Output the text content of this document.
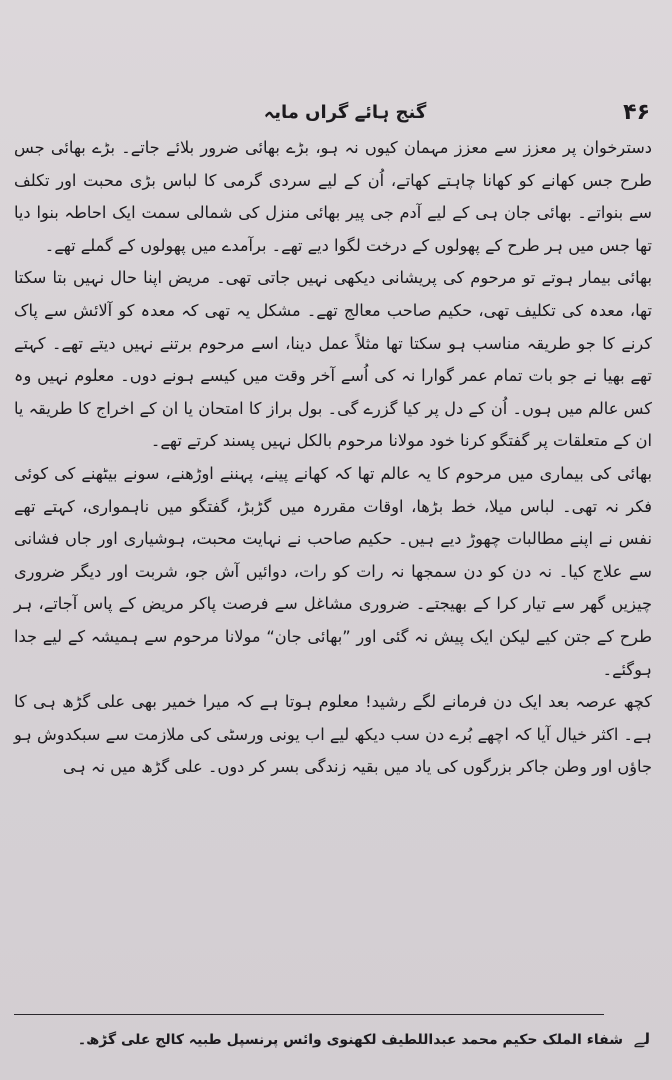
۴۶
گنج ہائے گراں مایہ

دسترخوان پر معزز سے معزز مہمان کیوں نہ ہو، بڑے بھائی ضرور بلائے جاتے۔ بڑے بھائی جس طرح جس کھانے کو کھانا چاہتے کھاتے، اُن کے لیے سردی گرمی کا لباس بڑی محبت اور تکلف سے بنواتے۔ بھائی جان ہی کے لیے آدم جی پیر بھائی منزل کی شمالی سمت ایک احاطہ بنوا دیا تھا جس میں ہر طرح کے پھولوں کے درخت لگوا دیے تھے۔ برآمدے میں پھولوں کے گملے تھے۔

بھائی بیمار ہوتے تو مرحوم کی پریشانی دیکھی نہیں جاتی تھی۔ مریض اپنا حال نہیں بتا سکتا تھا، معدہ کی تکلیف تھی، حکیم صاحب معالج تھے۔ مشکل یہ تھی کہ معدہ کو آلائش سے پاک کرنے کا جو طریقہ مناسب ہو سکتا تھا مثلاً عمل دینا، اسے مرحوم برتنے نہیں دیتے تھے۔ کہتے تھے بھیا نے جو بات تمام عمر گوارا نہ کی اُسے آخر وقت میں کیسے ہونے دوں۔ معلوم نہیں وہ کس عالم میں ہوں۔ اُن کے دل پر کیا گزرے گی۔ بول براز کا امتحان یا ان کے اخراج کا طریقہ یا ان کے متعلقات پر گفتگو کرنا خود مولانا مرحوم بالکل نہیں پسند کرتے تھے۔

بھائی کی بیماری میں مرحوم کا یہ عالم تھا کہ کھانے پینے، پہننے اوڑھنے، سونے بیٹھنے کی کوئی فکر نہ تھی۔ لباس میلا، خط بڑھا، اوقات مقررہ میں گڑبڑ، گفتگو میں ناہمواری، کہتے تھے نفس نے اپنے مطالبات چھوڑ دیے ہیں۔ حکیم صاحب نے نہایت محبت، ہوشیاری اور جاں فشانی سے علاج کیا۔ نہ دن کو دن سمجھا نہ رات کو رات، دوائیں آش جو، شربت اور دیگر ضروری چیزیں گھر سے تیار کرا کے بھیجتے۔ ضروری مشاغل سے فرصت پاکر مریض کے پاس آجاتے، ہر طرح کے جتن کیے لیکن ایک پیش نہ گئی اور ”بھائی جان“ مولانا مرحوم سے ہمیشہ کے لیے جدا ہوگئے۔

کچھ عرصہ بعد ایک دن فرمانے لگے رشید! معلوم ہوتا ہے کہ میرا خمیر بھی علی گڑھ ہی کا ہے۔ اکثر خیال آیا کہ اچھے بُرے دن سب دیکھ لیے اب یونی ورسٹی کی ملازمت سے سبکدوش ہو جاؤں اور وطن جاکر بزرگوں کی یاد میں بقیہ زندگی بسر کر دوں۔ علی گڑھ میں نہ ہی

ﻟﮯ شفاء الملک حکیم محمد عبداللطیف لکھنوی وائس پرنسپل طبیہ کالج علی گڑھ۔
